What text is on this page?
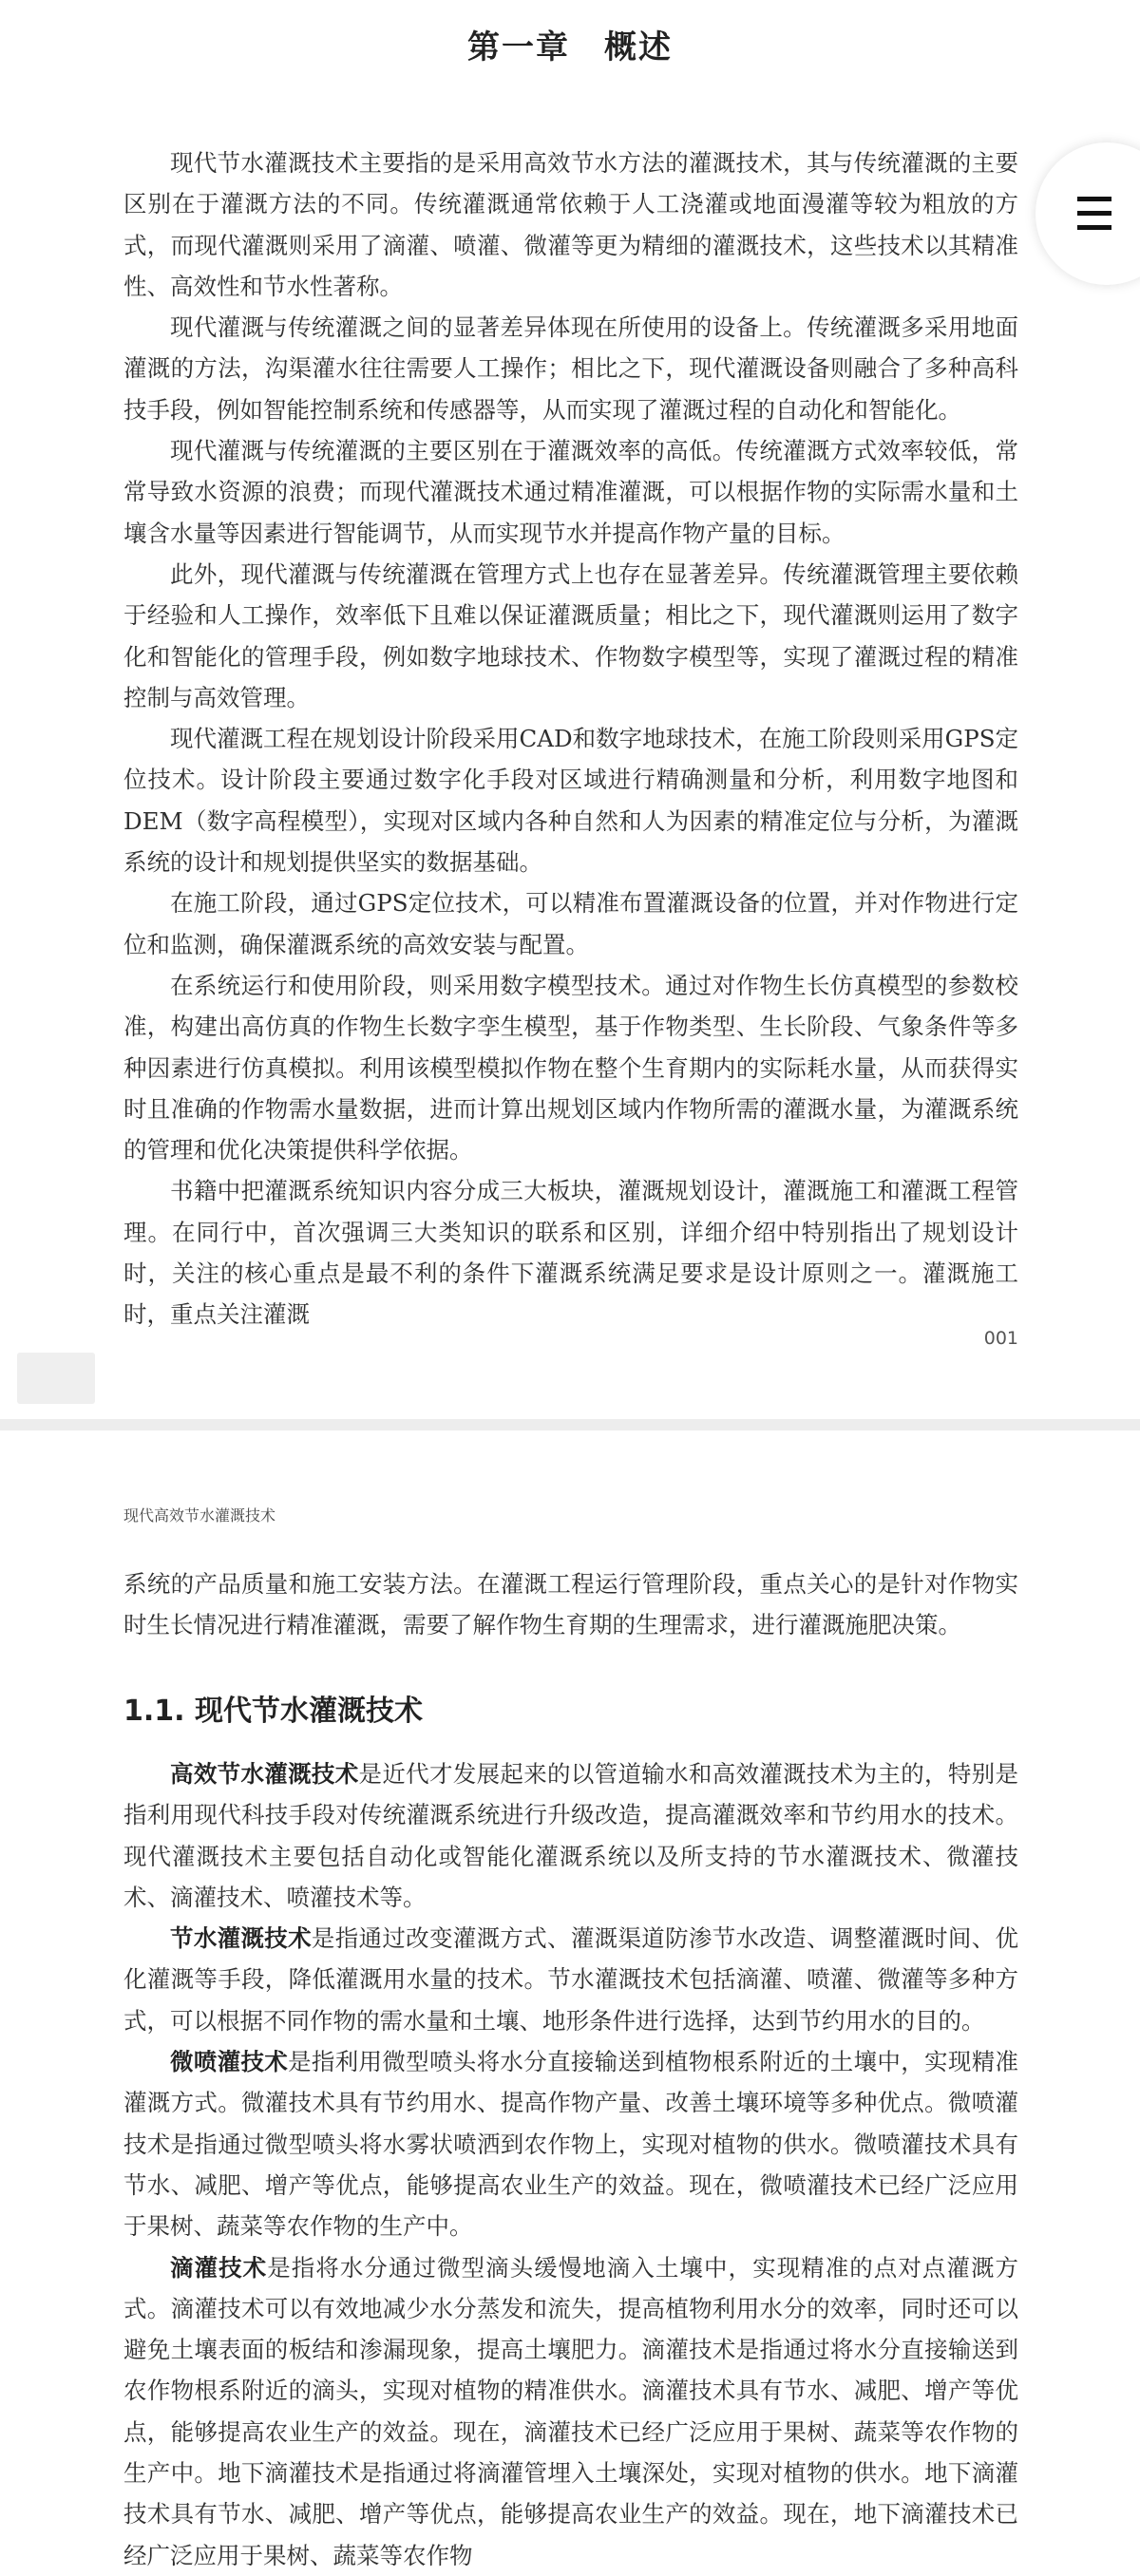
第一章　概述

现代节水灌溉技术主要指的是采用高效节水方法的灌溉技术，其与传统灌溉的主要区别在于灌溉方法的不同。传统灌溉通常依赖于人工浇灌或地面漫灌等较为粗放的方式，而现代灌溉则采用了滴灌、喷灌、微灌等更为精细的灌溉技术，这些技术以其精准性、高效性和节水性著称。

现代灌溉与传统灌溉之间的显著差异体现在所使用的设备上。传统灌溉多采用地面灌溉的方法，沟渠灌水往往需要人工操作；相比之下，现代灌溉设备则融合了多种高科技手段，例如智能控制系统和传感器等，从而实现了灌溉过程的自动化和智能化。

现代灌溉与传统灌溉的主要区别在于灌溉效率的高低。传统灌溉方式效率较低，常常导致水资源的浪费；而现代灌溉技术通过精准灌溉，可以根据作物的实际需水量和土壤含水量等因素进行智能调节，从而实现节水并提高作物产量的目标。

此外，现代灌溉与传统灌溉在管理方式上也存在显著差异。传统灌溉管理主要依赖于经验和人工操作，效率低下且难以保证灌溉质量；相比之下，现代灌溉则运用了数字化和智能化的管理手段，例如数字地球技术、作物数字模型等，实现了灌溉过程的精准控制与高效管理。

现代灌溉工程在规划设计阶段采用CAD和数字地球技术，在施工阶段则采用GPS定位技术。设计阶段主要通过数字化手段对区域进行精确测量和分析，利用数字地图和DEM（数字高程模型），实现对区域内各种自然和人为因素的精准定位与分析，为灌溉系统的设计和规划提供坚实的数据基础。

在施工阶段，通过GPS定位技术，可以精准布置灌溉设备的位置，并对作物进行定位和监测，确保灌溉系统的高效安装与配置。

在系统运行和使用阶段，则采用数字模型技术。通过对作物生长仿真模型的参数校准，构建出高仿真的作物生长数字孪生模型，基于作物类型、生长阶段、气象条件等多种因素进行仿真模拟。利用该模型模拟作物在整个生育期内的实际耗水量，从而获得实时且准确的作物需水量数据，进而计算出规划区域内作物所需的灌溉水量，为灌溉系统的管理和优化决策提供科学依据。

书籍中把灌溉系统知识内容分成三大板块，灌溉规划设计，灌溉施工和灌溉工程管理。在同行中，首次强调三大类知识的联系和区别，详细介绍中特别指出了规划设计时，关注的核心重点是最不利的条件下灌溉系统满足要求是设计原则之一。灌溉施工时，重点关注灌溉

001
现代高效节水灌溉技术

系统的产品质量和施工安装方法。在灌溉工程运行管理阶段，重点关心的是针对作物实时生长情况进行精准灌溉，需要了解作物生育期的生理需求，进行灌溉施肥决策。

1.1. 现代节水灌溉技术

高效节水灌溉技术是近代才发展起来的以管道输水和高效灌溉技术为主的，特别是指利用现代科技手段对传统灌溉系统进行升级改造，提高灌溉效率和节约用水的技术。现代灌溉技术主要包括自动化或智能化灌溉系统以及所支持的节水灌溉技术、微灌技术、滴灌技术、喷灌技术等。

节水灌溉技术是指通过改变灌溉方式、灌溉渠道防渗节水改造、调整灌溉时间、优化灌溉等手段，降低灌溉用水量的技术。节水灌溉技术包括滴灌、喷灌、微灌等多种方式，可以根据不同作物的需水量和土壤、地形条件进行选择，达到节约用水的目的。

微喷灌技术是指利用微型喷头将水分直接输送到植物根系附近的土壤中，实现精准灌溉方式。微灌技术具有节约用水、提高作物产量、改善土壤环境等多种优点。微喷灌技术是指通过微型喷头将水雾状喷洒到农作物上，实现对植物的供水。微喷灌技术具有节水、减肥、增产等优点，能够提高农业生产的效益。现在，微喷灌技术已经广泛应用于果树、蔬菜等农作物的生产中。

滴灌技术是指将水分通过微型滴头缓慢地滴入土壤中，实现精准的点对点灌溉方式。滴灌技术可以有效地减少水分蒸发和流失，提高植物利用水分的效率，同时还可以避免土壤表面的板结和渗漏现象，提高土壤肥力。滴灌技术是指通过将水分直接输送到农作物根系附近的滴头，实现对植物的精准供水。滴灌技术具有节水、减肥、增产等优点，能够提高农业生产的效益。现在，滴灌技术已经广泛应用于果树、蔬菜等农作物的生产中。地下滴灌技术是指通过将滴灌管埋入土壤深处，实现对植物的供水。地下滴灌技术具有节水、减肥、增产等优点，能够提高农业生产的效益。现在，地下滴灌技术已经广泛应用于果树、蔬菜等农作物
